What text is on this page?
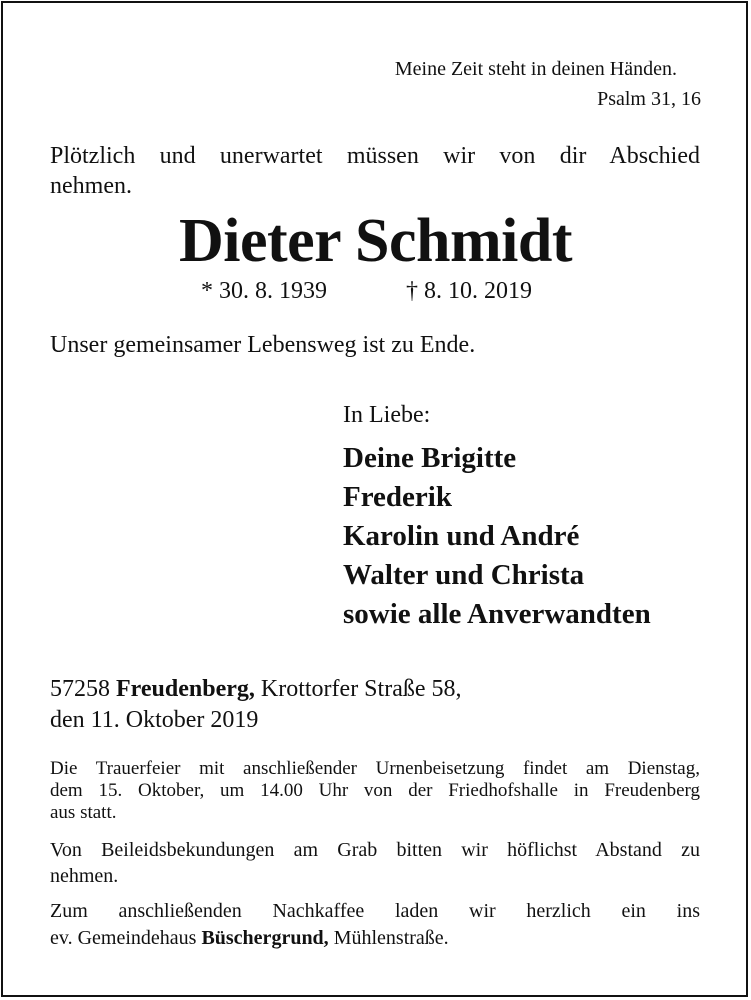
Meine Zeit steht in deinen Händen.
Psalm 31, 16
Plötzlich und unerwartet müssen wir von dir Abschied
nehmen.
Dieter Schmidt
* 30. 8. 1939	† 8. 10. 2019
Unser gemeinsamer Lebensweg ist zu Ende.
In Liebe:
Deine Brigitte
Frederik
Karolin und André
Walter und Christa
sowie alle Anverwandten
57258 Freudenberg, Krottorfer Straße 58,
den 11. Oktober 2019
Die Trauerfeier mit anschließender Urnenbeisetzung findet am Dienstag,
dem 15. Oktober, um 14.00 Uhr von der Friedhofshalle in Freudenberg
aus statt.
Von Beileidsbekundungen am Grab bitten wir höflichst Abstand zu
nehmen.
Zum anschließenden Nachkaffee laden wir herzlich ein ins
ev. Gemeindehaus Büschergrund, Mühlenstraße.
